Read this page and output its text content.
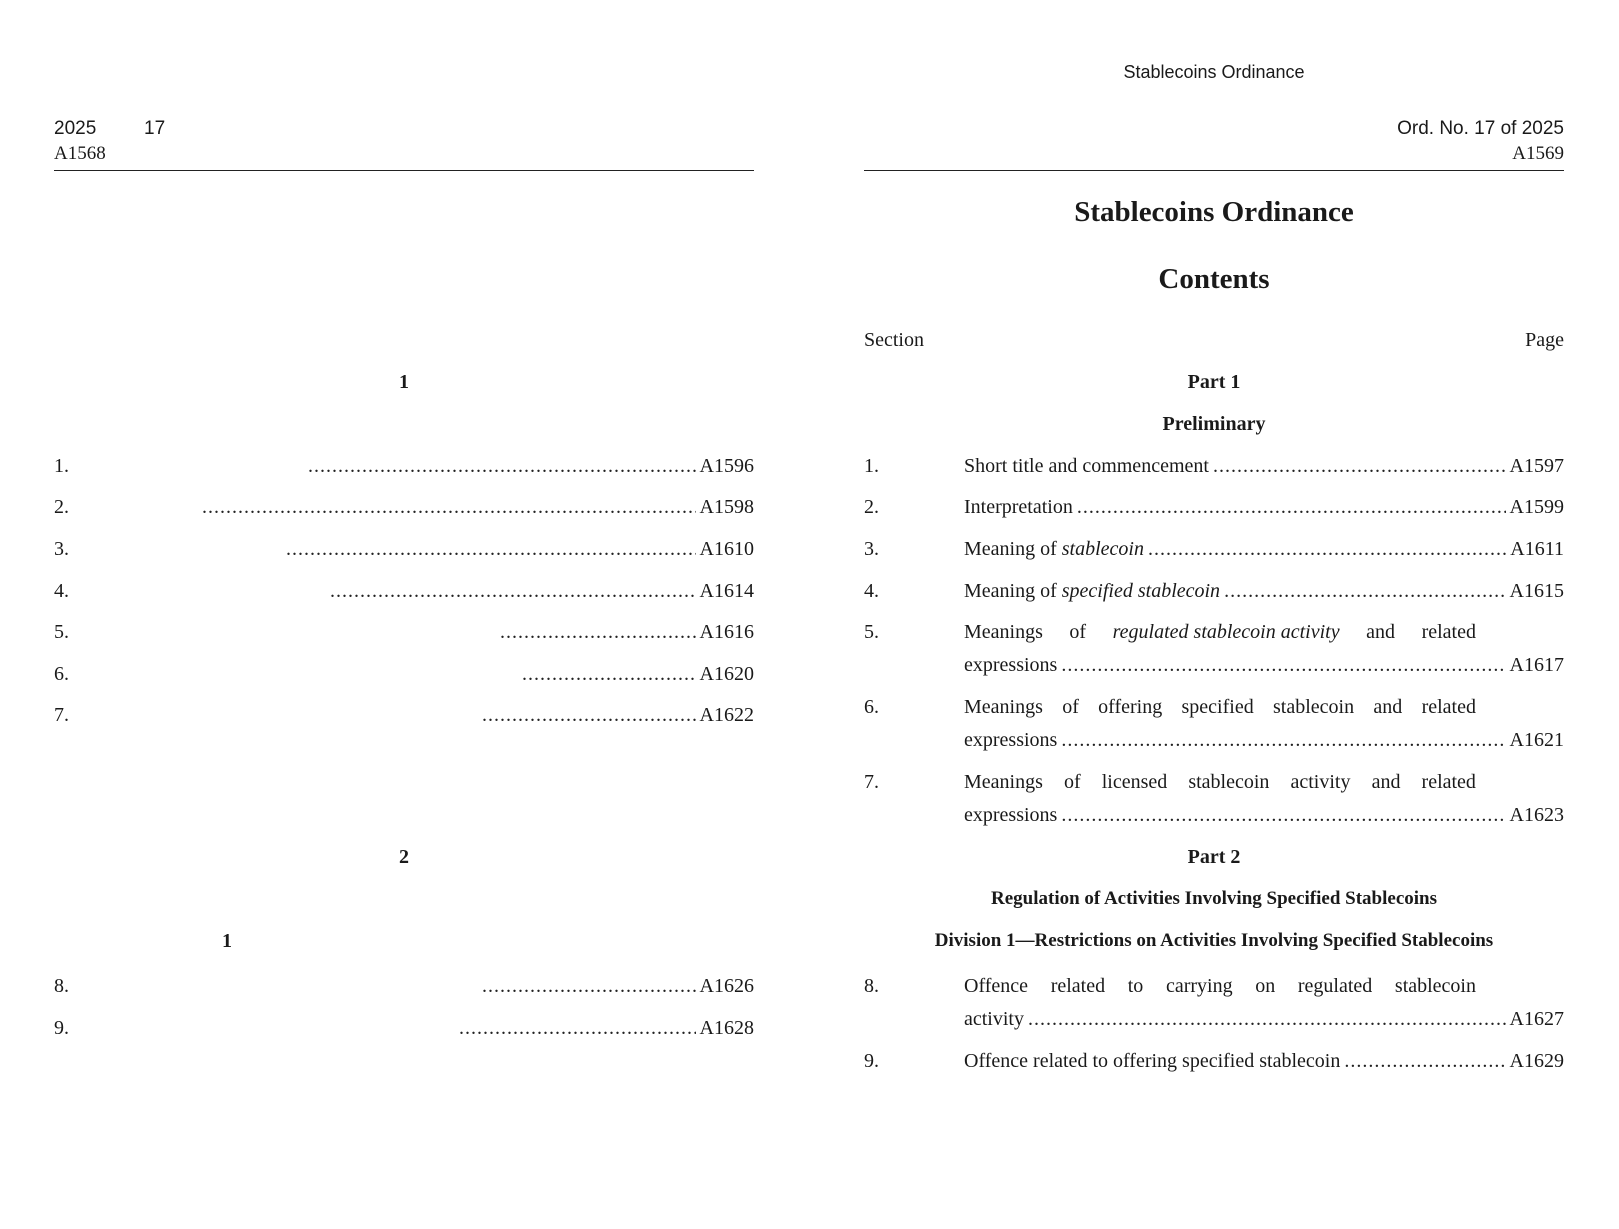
2025	17
A1568
1
1. .....	A1596
2. .....	A1598
3. .....	A1610
4. .....	A1614
5. .....	A1616
6. .....	A1620
7. .....	A1622
2
1
8. .....	A1626
9. .....	A1628
Stablecoins Ordinance
Ord. No. 17 of 2025
A1569
Stablecoins Ordinance
Contents
Section	Page
Part 1
Preliminary
1.	Short title and commencement .....	A1597
2.	Interpretation .....	A1599
3.	Meaning of stablecoin .....	A1611
4.	Meaning of specified stablecoin .....	A1615
5.	Meanings of regulated stablecoin activity and related
expressions .....	A1617
6.	Meanings of offering specified stablecoin and related
expressions .....	A1621
7.	Meanings of licensed stablecoin activity and related
expressions .....	A1623
Part 2
Regulation of Activities Involving Specified Stablecoins
Division 1—Restrictions on Activities Involving Specified Stablecoins
8.	Offence related to carrying on regulated stablecoin
activity .....	A1627
9.	Offence related to offering specified stablecoin .....	A1629
